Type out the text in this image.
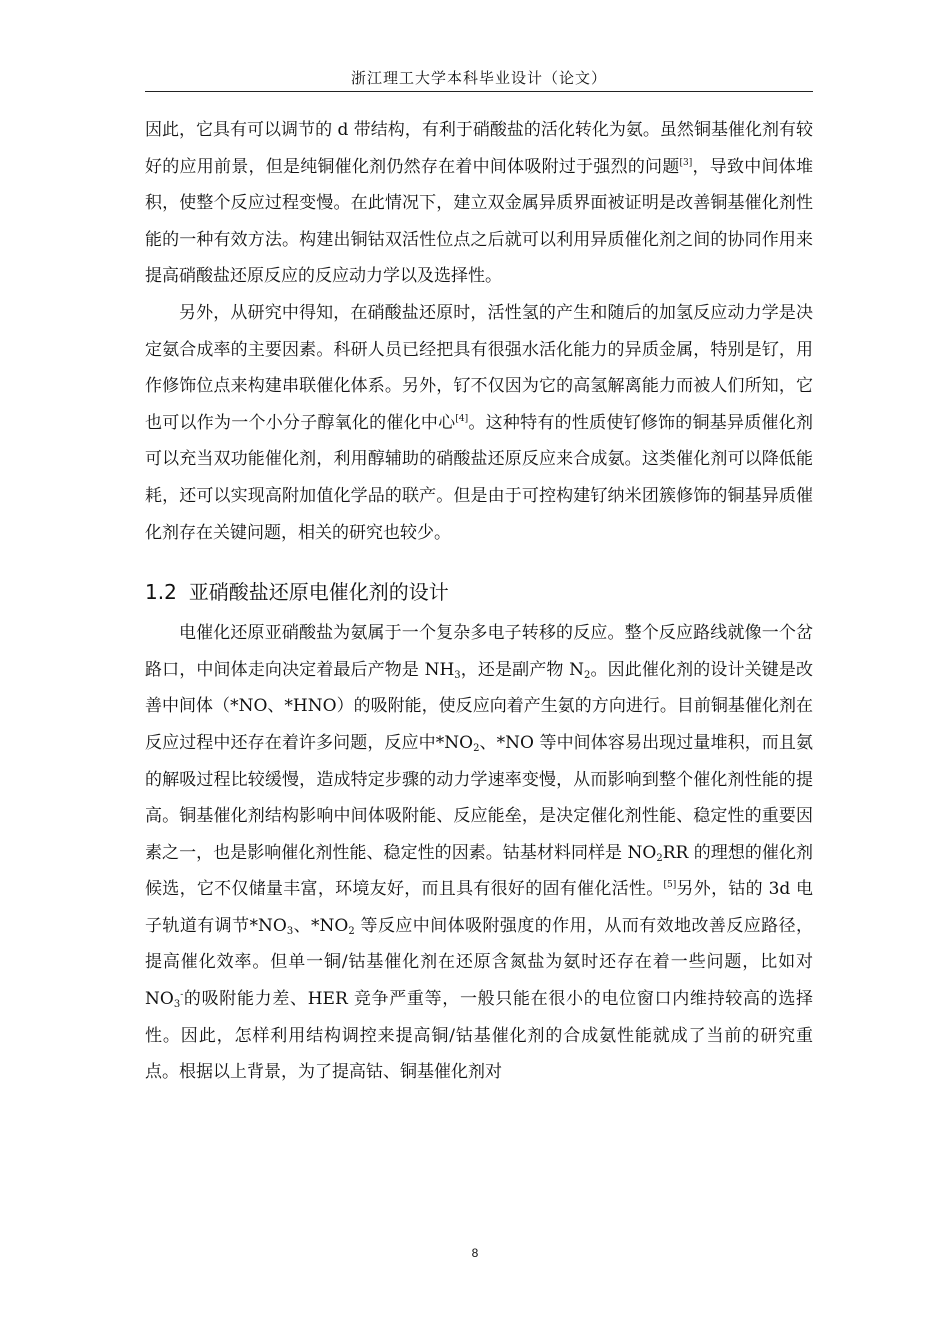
浙江理工大学本科毕业设计（论文）

因此，它具有可以调节的 d 带结构，有利于硝酸盐的活化转化为氨。虽然铜基催化剂有较好的应用前景，但是纯铜催化剂仍然存在着中间体吸附过于强烈的问题[3]，导致中间体堆积，使整个反应过程变慢。在此情况下，建立双金属异质界面被证明是改善铜基催化剂性能的一种有效方法。构建出铜钴双活性位点之后就可以利用异质催化剂之间的协同作用来提高硝酸盐还原反应的反应动力学以及选择性。

另外，从研究中得知，在硝酸盐还原时，活性氢的产生和随后的加氢反应动力学是决定氨合成率的主要因素。科研人员已经把具有很强水活化能力的异质金属，特别是钌，用作修饰位点来构建串联催化体系。另外，钌不仅因为它的高氢解离能力而被人们所知，它也可以作为一个小分子醇氧化的催化中心[4]。这种特有的性质使钌修饰的铜基异质催化剂可以充当双功能催化剂，利用醇辅助的硝酸盐还原反应来合成氨。这类催化剂可以降低能耗，还可以实现高附加值化学品的联产。但是由于可控构建钌纳米团簇修饰的铜基异质催化剂存在关键问题，相关的研究也较少。

1.2 亚硝酸盐还原电催化剂的设计

电催化还原亚硝酸盐为氨属于一个复杂多电子转移的反应。整个反应路线就像一个岔路口，中间体走向决定着最后产物是 $NH_3$，还是副产物 $N_2$。因此催化剂的设计关键是改善中间体（*NO、*HNO）的吸附能，使反应向着产生氨的方向进行。目前铜基催化剂在反应过程中还存在着许多问题，反应中$*NO_2$、*NO 等中间体容易出现过量堆积，而且氨的解吸过程比较缓慢，造成特定步骤的动力学速率变慢，从而影响到整个催化剂性能的提高。铜基催化剂结构影响中间体吸附能、反应能垒，是决定催化剂性能、稳定性的重要因素之一，也是影响催化剂性能、稳定性的因素。钴基材料同样是 $NO_2RR$ 的理想的催化剂候选，它不仅储量丰富，环境友好，而且具有很好的固有催化活性。[5]另外，钴的 3d 电子轨道有调节$*NO_3$、$*NO_2$ 等反应中间体吸附强度的作用，从而有效地改善反应路径，提高催化效率。但单一铜/钴基催化剂在还原含氮盐为氨时还存在着一些问题，比如对 $NO_3^-$的吸附能力差、HER 竞争严重等，一般只能在很小的电位窗口内维持较高的选择性。因此，怎样利用结构调控来提高铜/钴基催化剂的合成氨性能就成了当前的研究重点。根据以上背景，为了提高钴、铜基催化剂对

8
